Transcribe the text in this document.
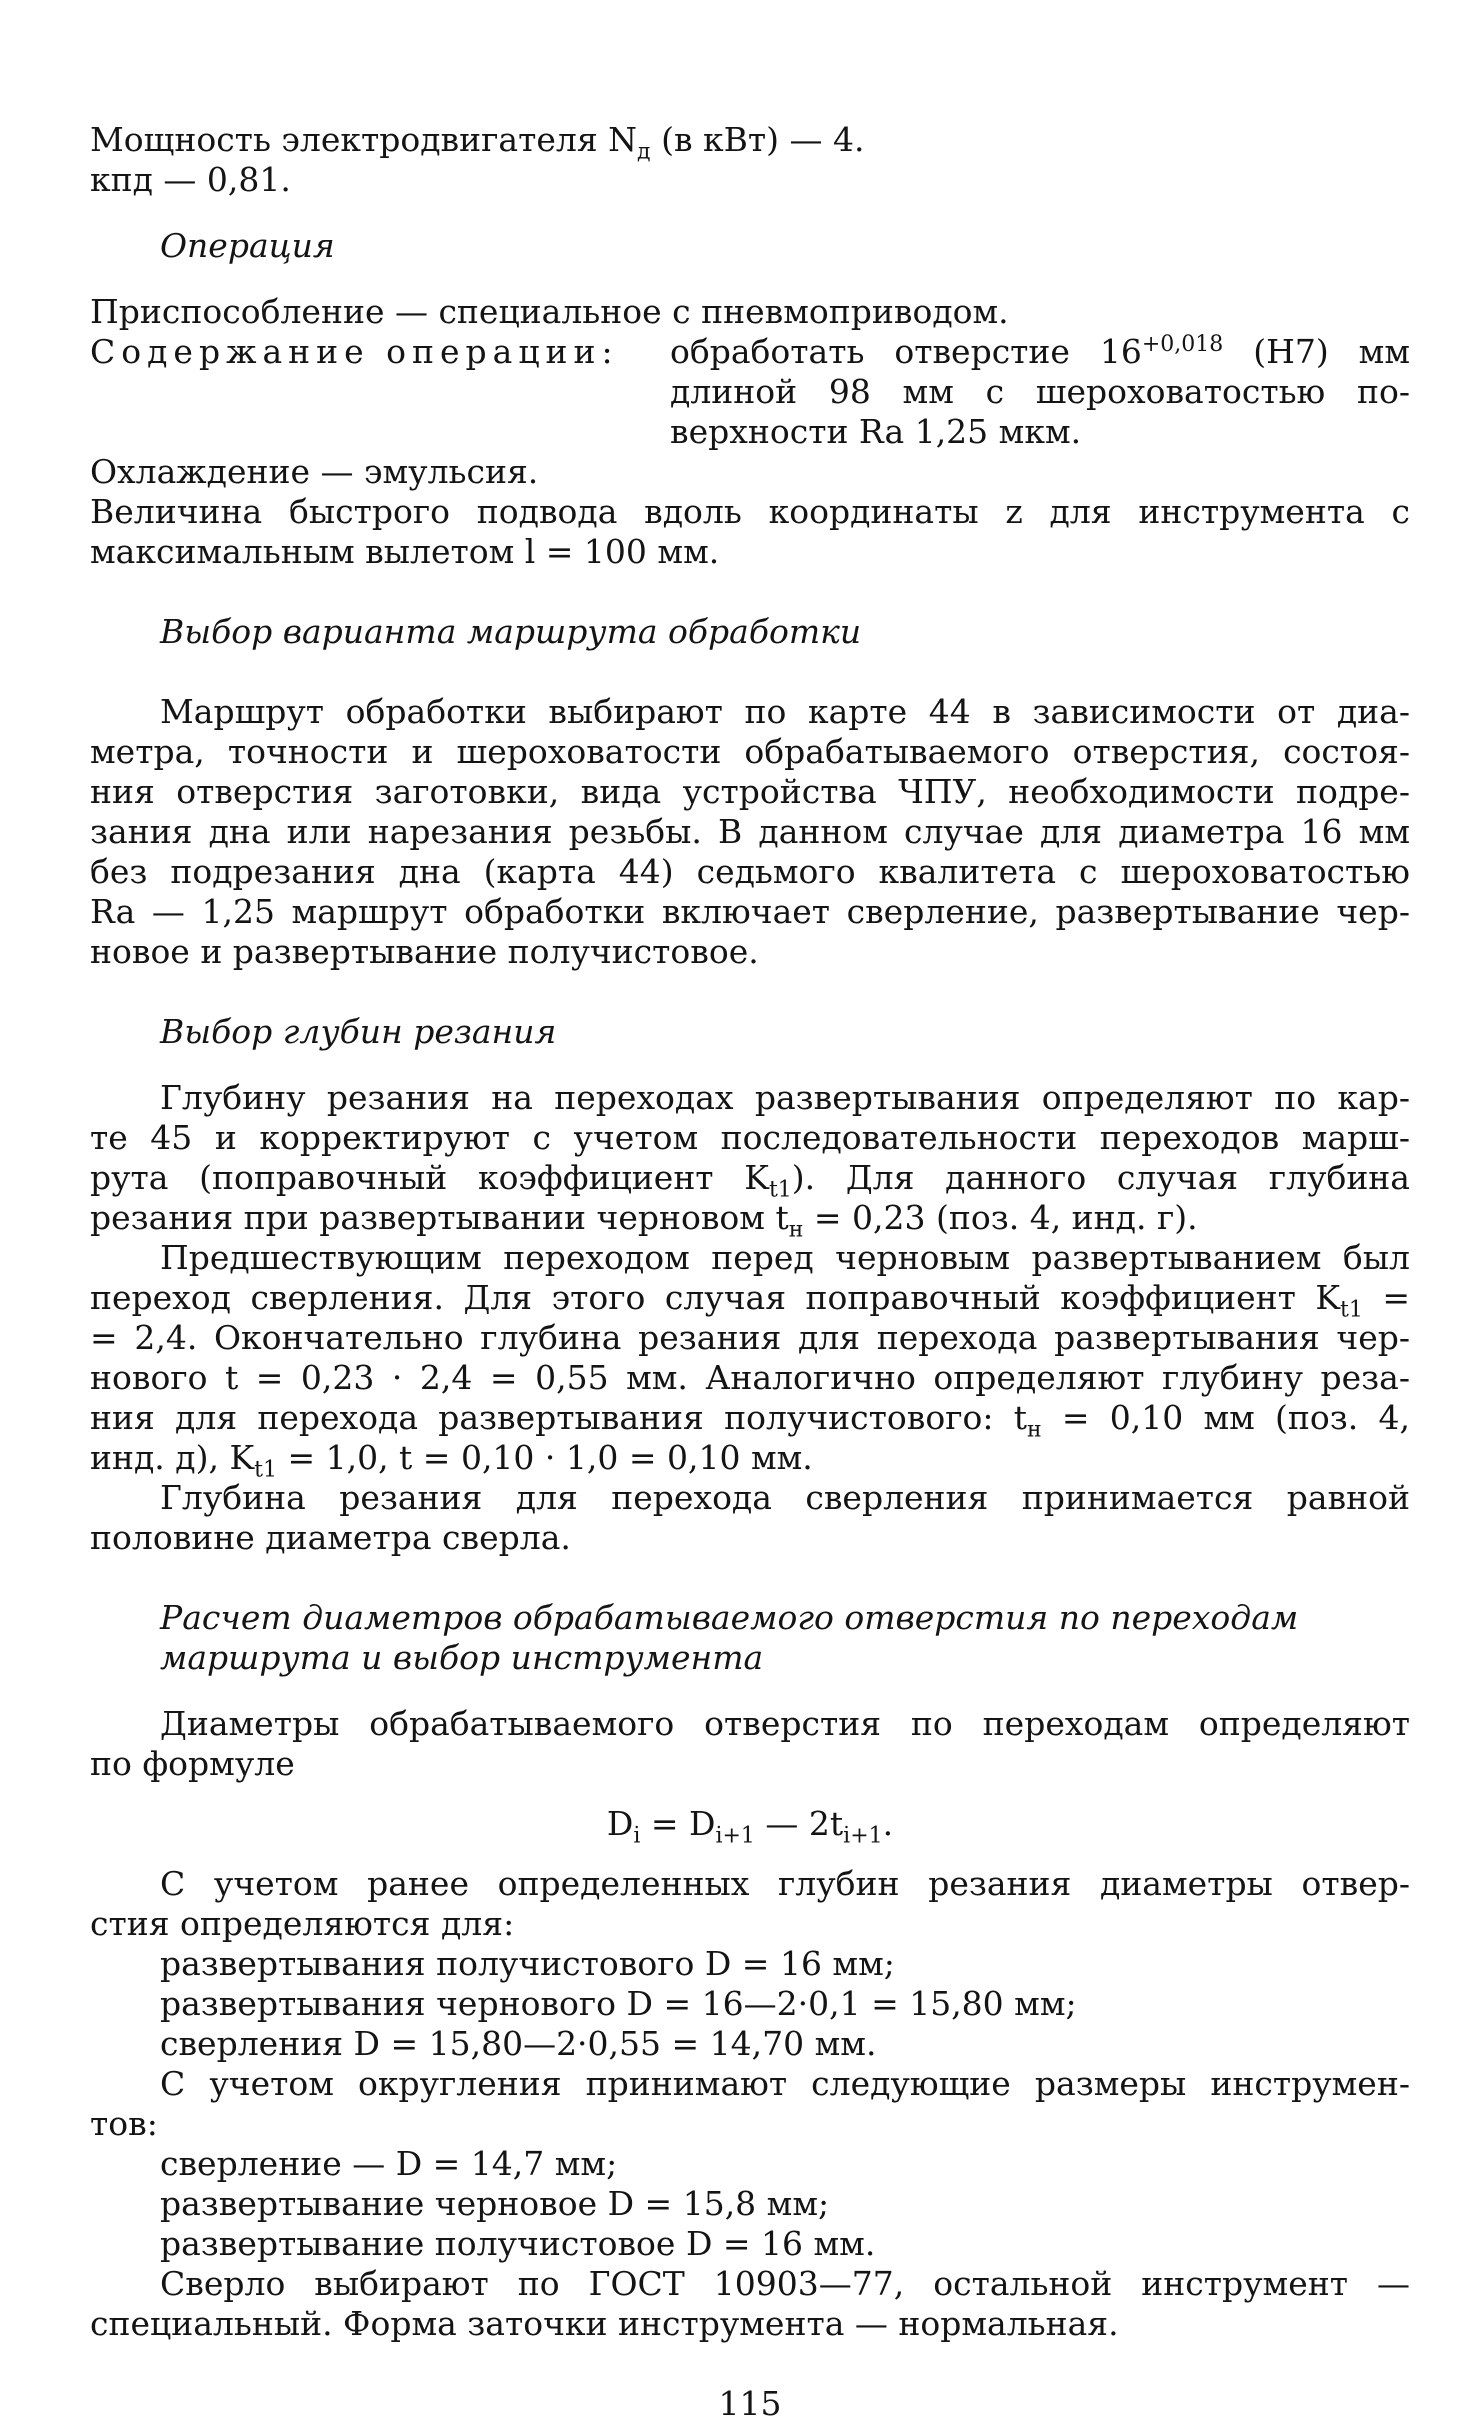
Мощность электродвигателя $N_д$ (в кВт) — 4.
кпд — 0,81.
Операция
Приспособление — специальное с пневмоприводом.
Содержание операции:	обработать отверстие $16^{+0,018}$ (H7) мм
длиной 98 мм с шероховатостью по-
верхности Ra 1,25 мкм.
Охлаждение — эмульсия.
Величина быстрого подвода вдоль координаты z для инструмента с
максимальным вылетом l = 100 мм.
Выбор варианта маршрута обработки
Маршрут обработки выбирают по карте 44 в зависимости от диа-
метра, точности и шероховатости обрабатываемого отверстия, состоя-
ния отверстия заготовки, вида устройства ЧПУ, необходимости подре-
зания дна или нарезания резьбы. В данном случае для диаметра 16 мм
без подрезания дна (карта 44) седьмого квалитета с шероховатостью
Ra — 1,25 маршрут обработки включает сверление, развертывание чер-
новое и развертывание получистовое.
Выбор глубин резания
Глубину резания на переходах развертывания определяют по кар-
те 45 и корректируют с учетом последовательности переходов марш-
рута (поправочный коэффициент $K_{t1}$). Для данного случая глубина
резания при развертывании черновом $t_н = 0,23$ (поз. 4, инд. г).
Предшествующим переходом перед черновым развертыванием был
переход сверления. Для этого случая поправочный коэффициент $K_{t1}$ =
= 2,4. Окончательно глубина резания для перехода развертывания чер-
нового t = 0,23 · 2,4 = 0,55 мм. Аналогично определяют глубину реза-
ния для перехода развертывания получистового: $t_н = 0,10$ мм (поз. 4,
инд. д), $K_{t1} = 1,0$, t = 0,10 · 1,0 = 0,10 мм.
Глубина резания для перехода сверления принимается равной
половине диаметра сверла.
Расчет диаметров обрабатываемого отверстия по переходам
маршрута и выбор инструмента
Диаметры обрабатываемого отверстия по переходам определяют
по формуле
$D_i = D_{i+1}$ — $2t_{i+1}$.
С учетом ранее определенных глубин резания диаметры отвер-
стия определяются для:
развертывания получистового D = 16 мм;
развертывания чернового D = 16—2·0,1 = 15,80 мм;
сверления D = 15,80—2·0,55 = 14,70 мм.
С учетом округления принимают следующие размеры инструмен-
тов:
сверление — D = 14,7 мм;
развертывание черновое D = 15,8 мм;
развертывание получистовое D = 16 мм.
Сверло выбирают по ГОСТ 10903—77, остальной инструмент —
специальный. Форма заточки инструмента — нормальная.
115
